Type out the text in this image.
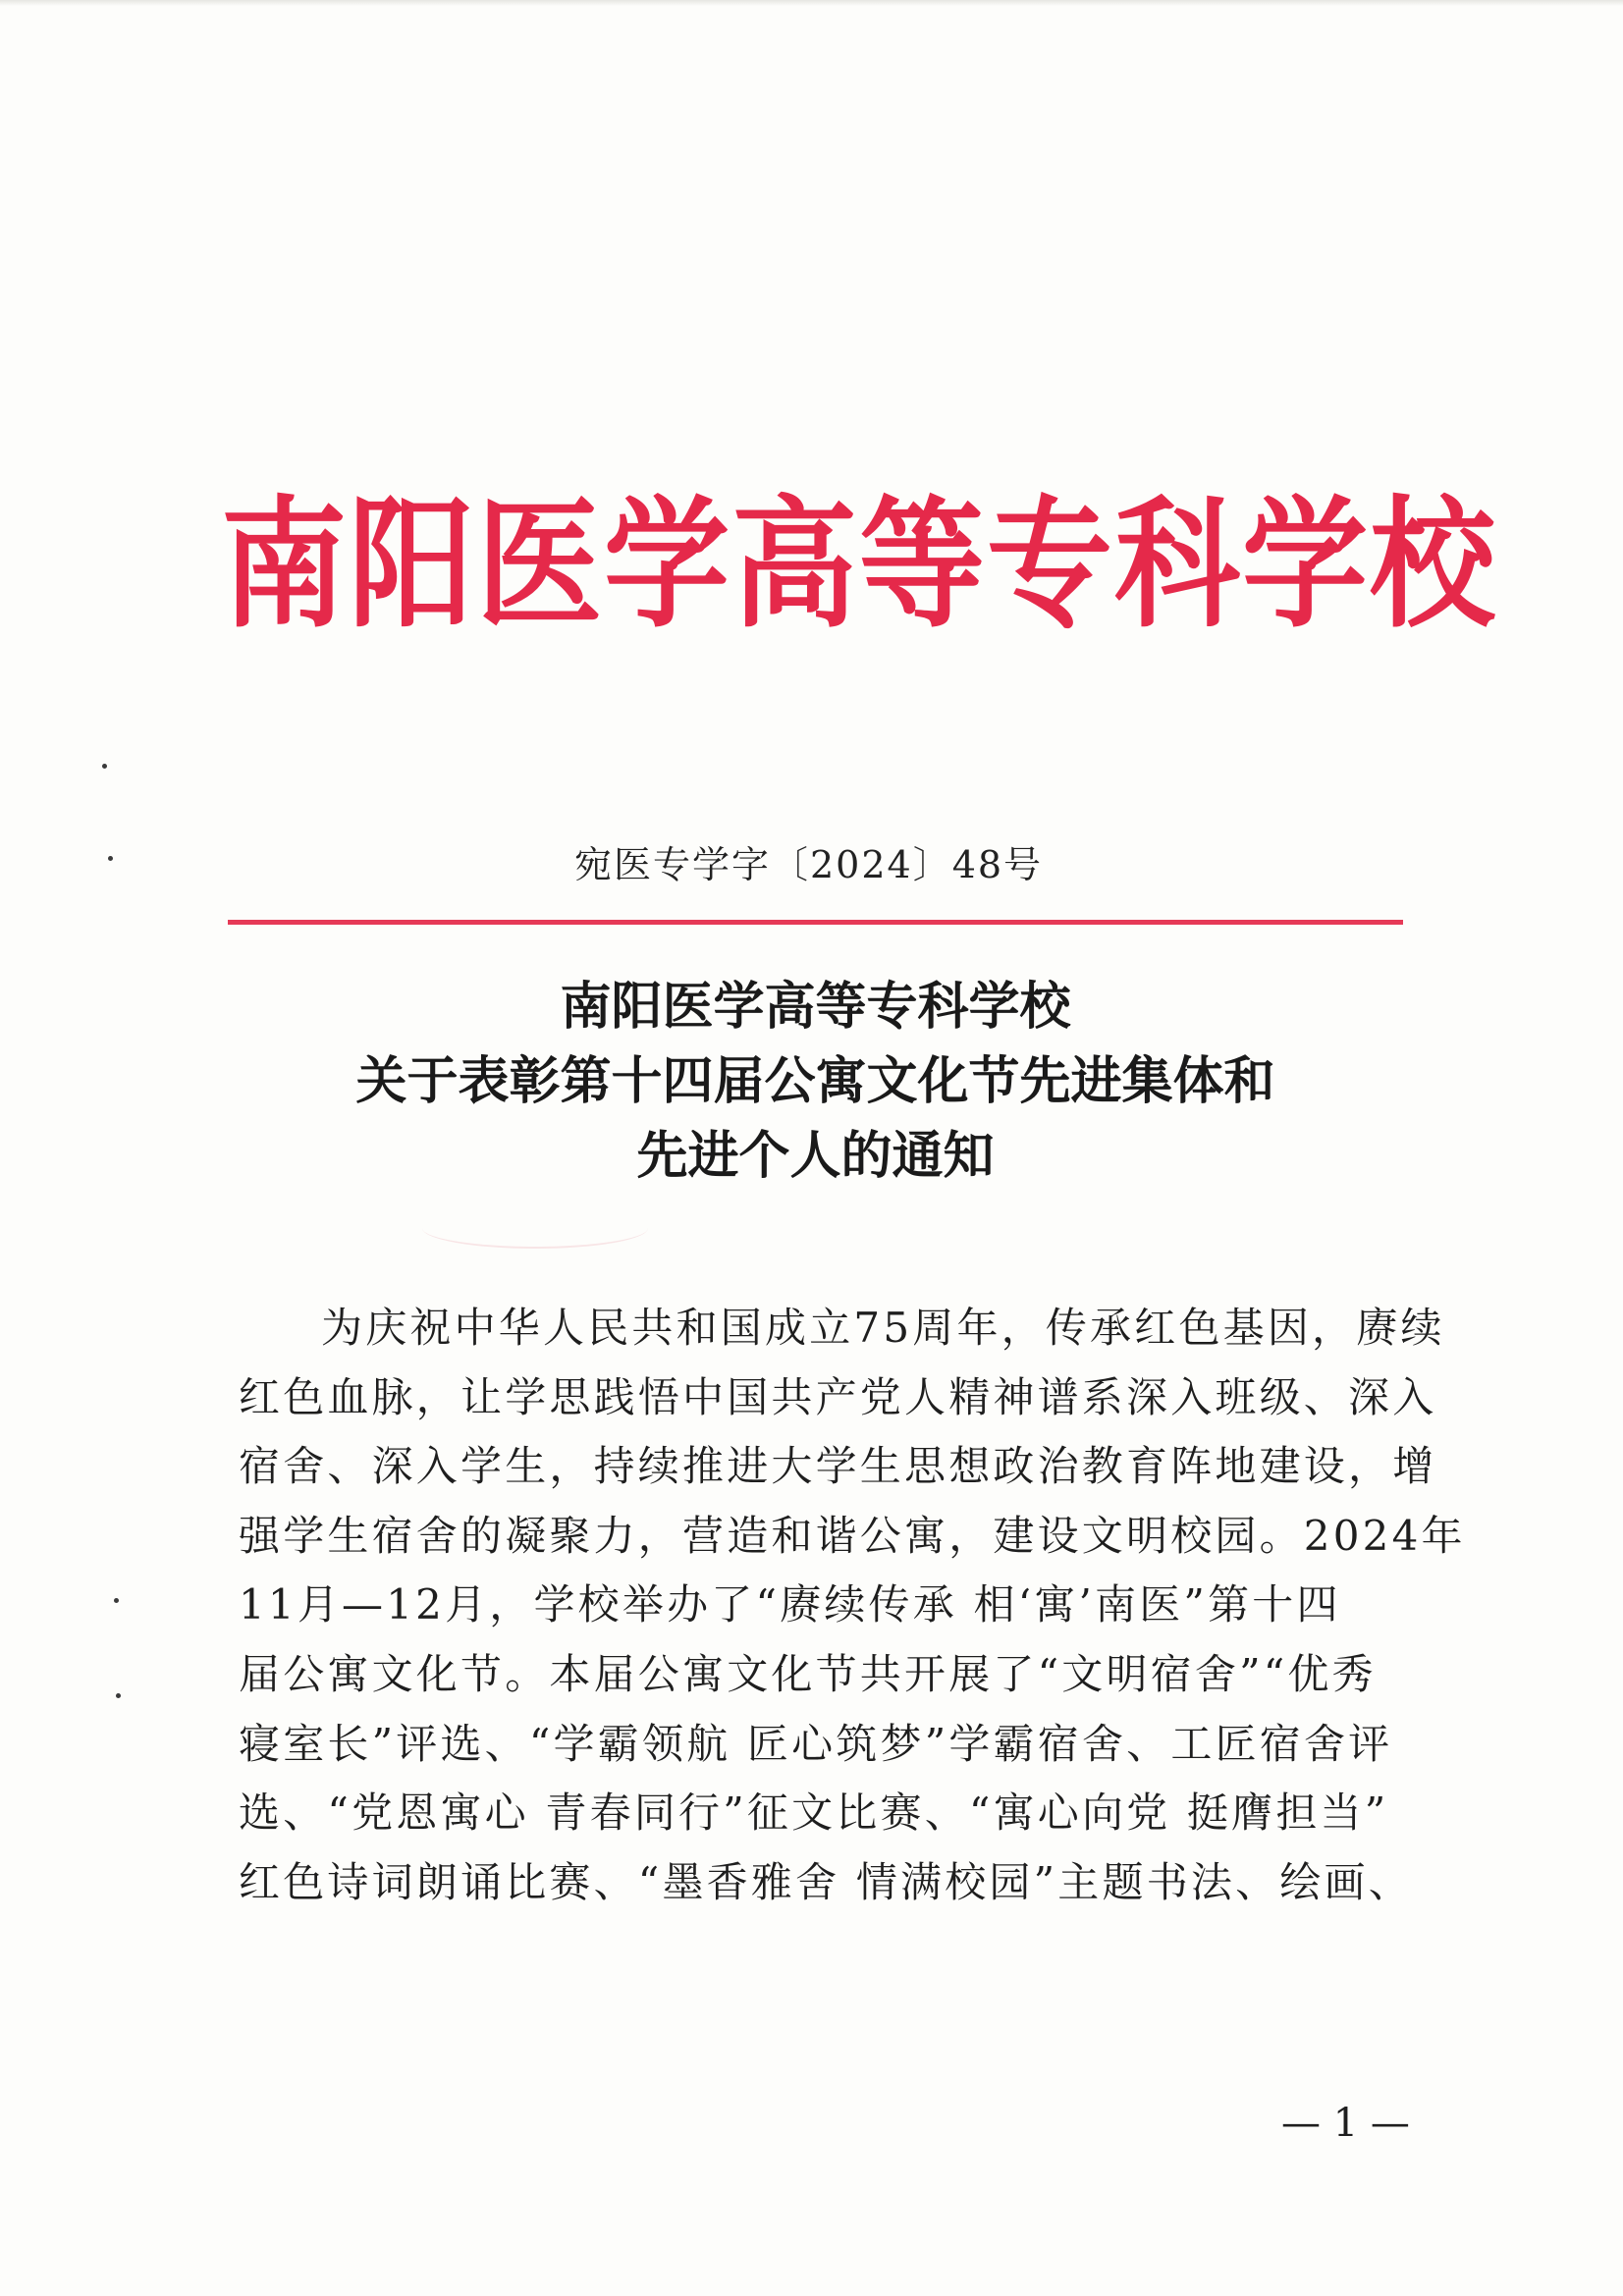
南阳医学高等专科学校
宛医专学字〔2024〕48号
南阳医学高等专科学校
关于表彰第十四届公寓文化节先进集体和
先进个人的通知
为庆祝中华人民共和国成立75周年，传承红色基因，赓续
红色血脉，让学思践悟中国共产党人精神谱系深入班级、深入
宿舍、深入学生，持续推进大学生思想政治教育阵地建设，增
强学生宿舍的凝聚力，营造和谐公寓，建设文明校园。2024年
11月—12月，学校举办了“赓续传承 相‘寓’南医”第十四
届公寓文化节。本届公寓文化节共开展了“文明宿舍”“优秀
寝室长”评选、“学霸领航 匠心筑梦”学霸宿舍、工匠宿舍评
选、“党恩寓心 青春同行”征文比赛、“寓心向党 挺膺担当”
红色诗词朗诵比赛、“墨香雅舍 情满校园”主题书法、绘画、
— 1 —
